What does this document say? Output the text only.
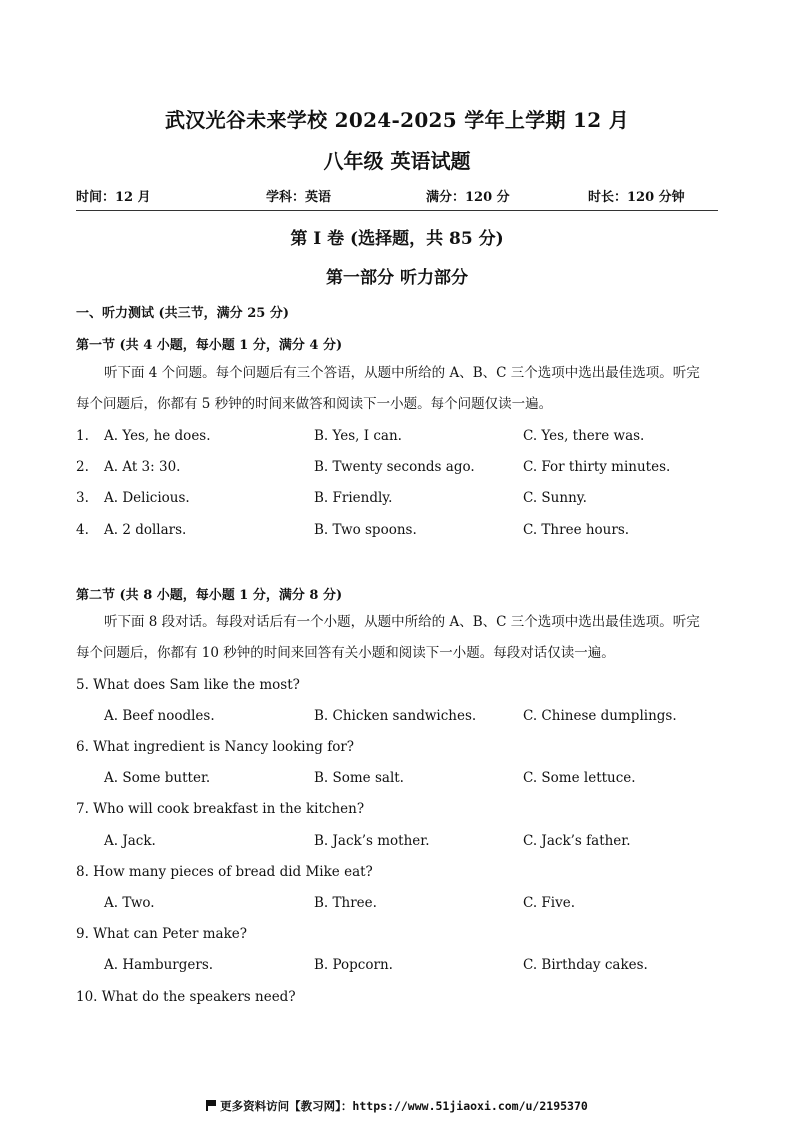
武汉光谷未来学校 2024-2025 学年上学期 12 月
八年级 英语试题
时间：12 月	学科：英语	满分：120 分	时长：120 分钟
第 I 卷 (选择题，共 85 分)
第一部分 听力部分
一、听力测试 (共三节，满分 25 分)
第一节 (共 4 小题，每小题 1 分，满分 4 分)
听下面 4 个问题。每个问题后有三个答语，从题中所给的 A、B、C 三个选项中选出最佳选项。听完
每个问题后，你都有 5 秒钟的时间来做答和阅读下一小题。每个问题仅读一遍。
1. A. Yes, he does.	B. Yes, I can.	C. Yes, there was.
2. A. At 3: 30.	B. Twenty seconds ago.	C. For thirty minutes.
3. A. Delicious.	B. Friendly.	C. Sunny.
4. A. 2 dollars.	B. Two spoons.	C. Three hours.
第二节 (共 8 小题，每小题 1 分，满分 8 分)
听下面 8 段对话。每段对话后有一个小题，从题中所给的 A、B、C 三个选项中选出最佳选项。听完
每个问题后，你都有 10 秒钟的时间来回答有关小题和阅读下一小题。每段对话仅读一遍。
5. What does Sam like the most?
A. Beef noodles.	B. Chicken sandwiches.	C. Chinese dumplings.
6. What ingredient is Nancy looking for?
A. Some butter.	B. Some salt.	C. Some lettuce.
7. Who will cook breakfast in the kitchen?
A. Jack.	B. Jack’s mother.	C. Jack’s father.
8. How many pieces of bread did Mike eat?
A. Two.	B. Three.	C. Five.
9. What can Peter make?
A. Hamburgers.	B. Popcorn.	C. Birthday cakes.
10. What do the speakers need?
更多资料访问【教习网】：https://www.51jiaoxi.com/u/2195370
